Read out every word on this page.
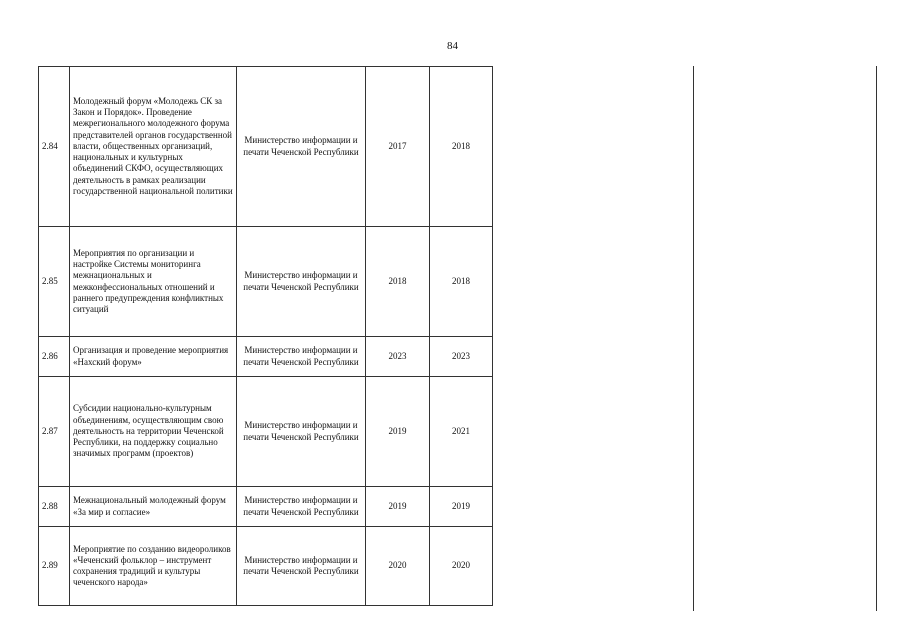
84
2.84	Молодежный форум «Молодежь СК за Закон и Порядок». Проведение межрегионального молодежного форума представителей органов государственной власти, общественных организаций, национальных и культурных объединений СКФО, осуществляющих деятельность в рамках реализации государственной национальной политики	Министерство информации и печати Чеченской Республики	2017	2018
2.85	Мероприятия по организации и настройке Системы мониторинга межнациональных и межконфессиональных отношений и раннего предупреждения конфликтных ситуаций	Министерство информации и печати Чеченской Республики	2018	2018
2.86	Организация и проведение мероприятия «Нахский форум»	Министерство информации и печати Чеченской Республики	2023	2023
2.87	Субсидии национально-культурным объединениям, осуществляющим свою деятельность на территории Чеченской Республики, на поддержку социально значимых программ (проектов)	Министерство информации и печати Чеченской Республики	2019	2021
2.88	Межнациональный молодежный форум «За мир и согласие»	Министерство информации и печати Чеченской Республики	2019	2019
2.89	Мероприятие по созданию видеороликов «Чеченский фольклор – инструмент сохранения традиций и культуры чеченского народа»	Министерство информации и печати Чеченской Республики	2020	2020
